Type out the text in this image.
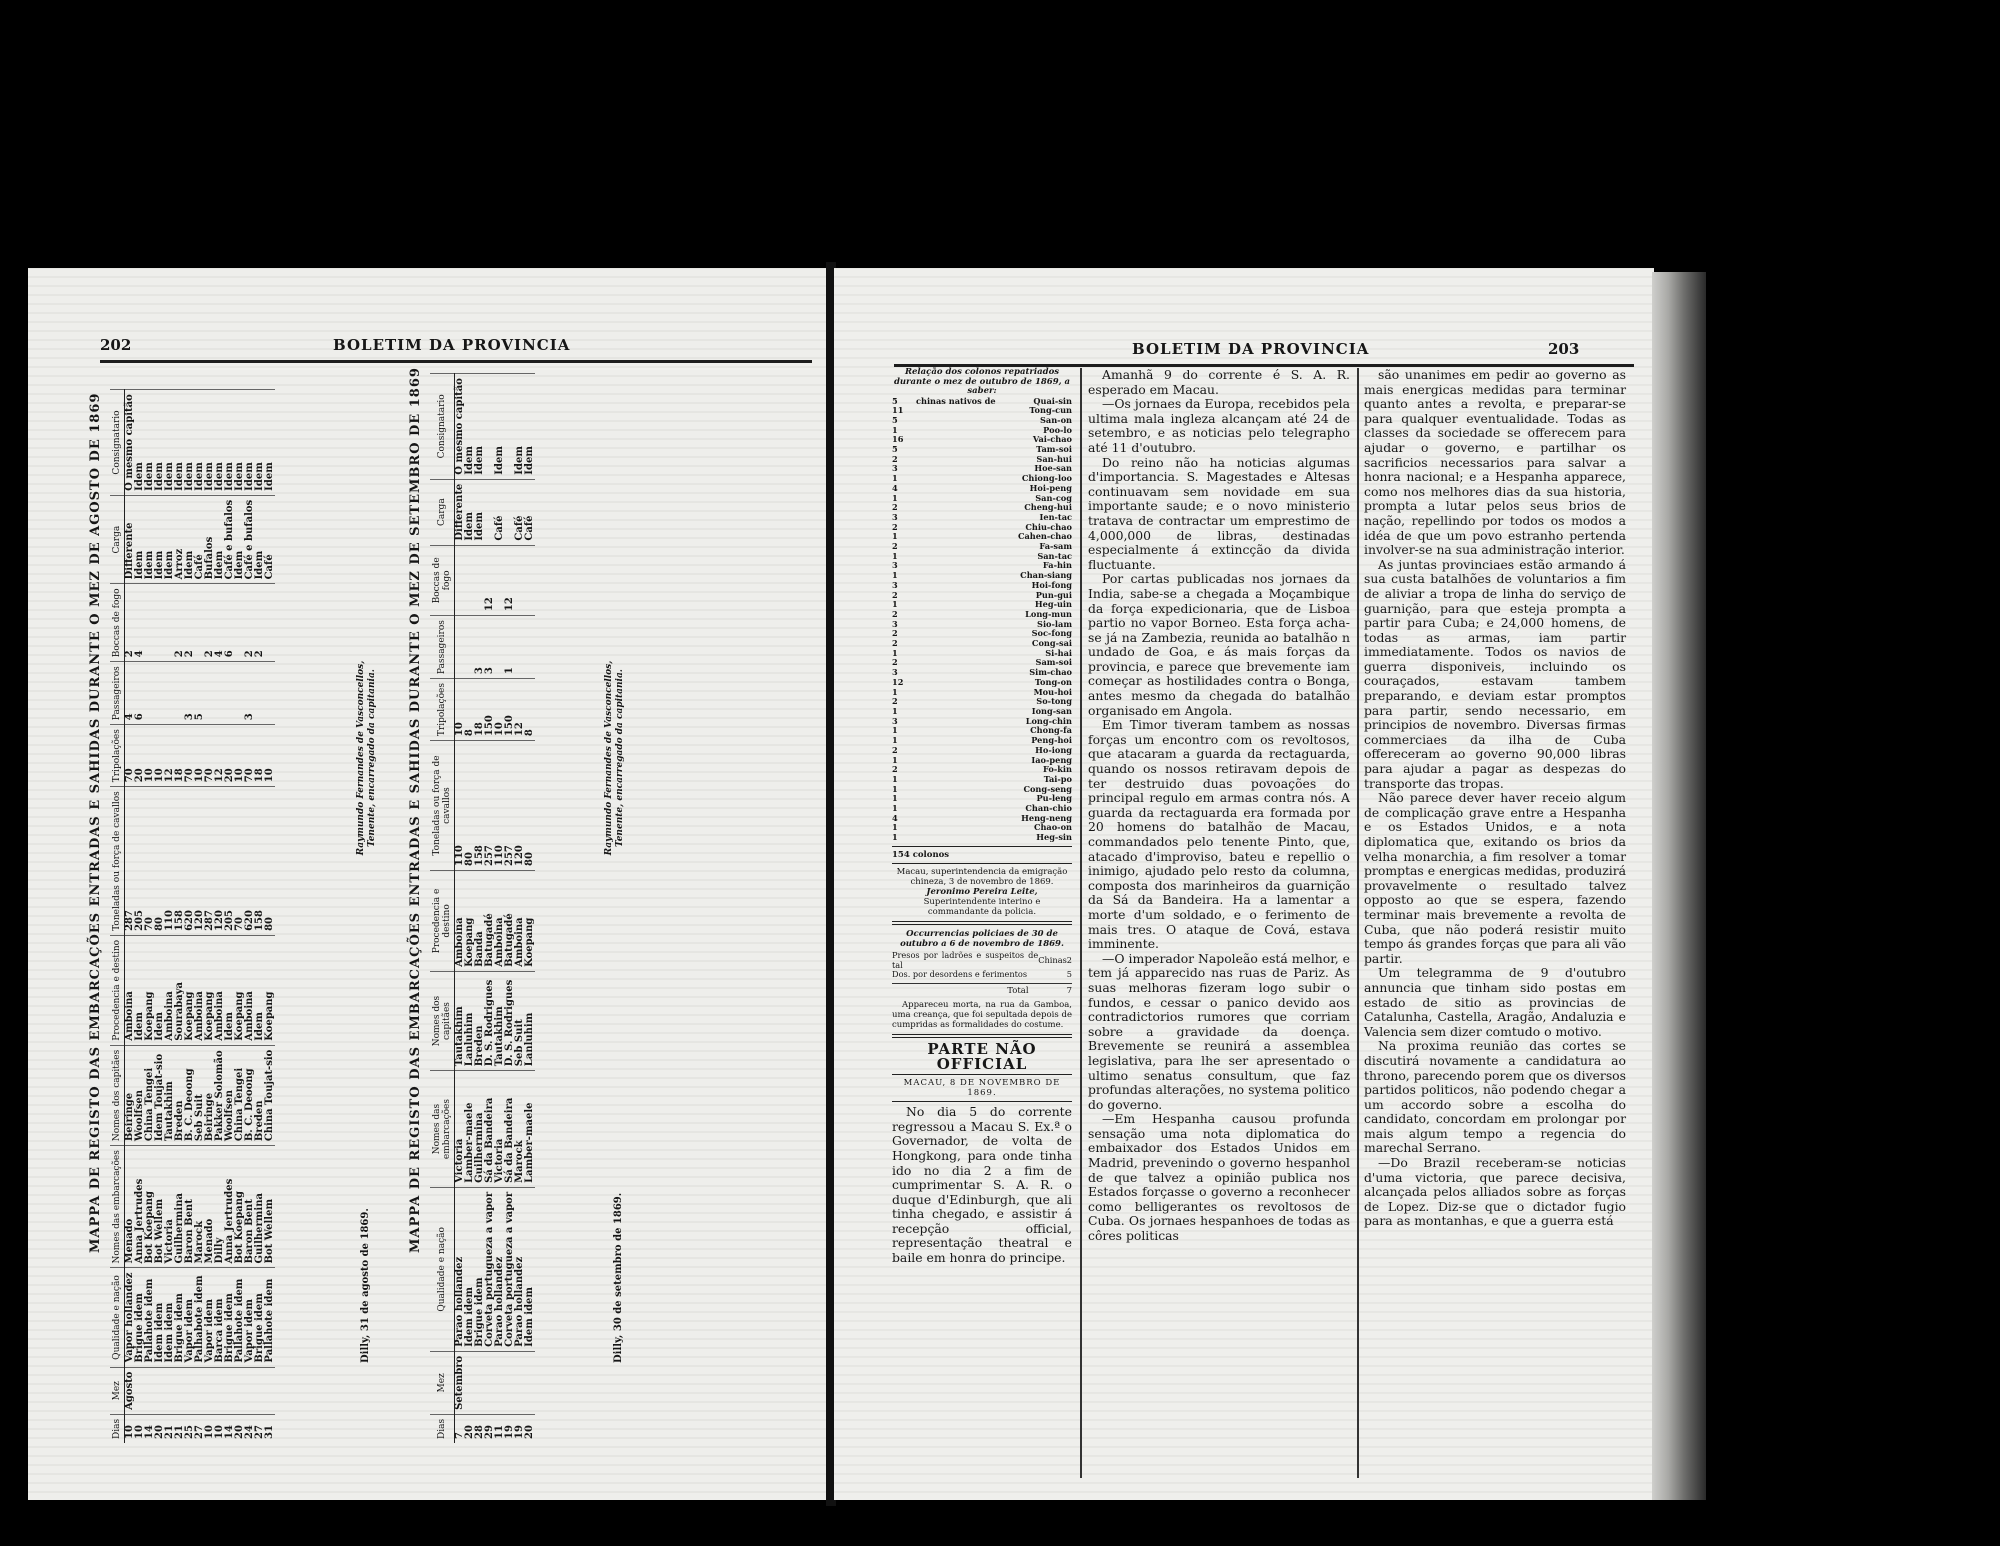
202	BOLETIM DA PROVINCIA
MAPPA DE REGISTO DAS EMBARCAÇÕES ENTRADAS E SAHIDAS DURANTE O MEZ DE AGOSTO DE 1869
Dias	Mez	Qualidade e nação	Nomes das embarcações	Nomes dos capitães	Procedencia e destino	Toneladas ou força de cavallos	Tripolações	Passageiros	Boccas de fogo	Carga	Consignatario
10	Agosto	Vapor hollandez	Menado	Beiringe	Amboina	287	70	4	2	Differente	O mesmo capitão
10		Brigue idem	Anna Jertrudes	Woolfsen	Idem	205	20	6	4	Idem	Idem
14		Pallahote idem	Bot Koepang	China Tengei	Koepang	70	10			Idem	Idem
20		Idem idem	Bot Wellem	Idem Toujat-sio	Idem	80	10			Idem	Idem
21		Idem idem	Victoria	Tautakhim	Amboina	110	12			Idem	Idem
21		Brigue idem	Guilhermina	Breden	Sourabaya	158	18		2	Arroz	Idem
25		Vapor idem	Baron Bent	B. C. Deoong	Koepang	620	70	3	2	Idem	Idem
27		Palhabote idem	Marock	Seb Suit	Amboina	120	10	5		Café	Idem
10		Vapor idem	Menado	Beiringe	Koepang	287	70		2	Bufalos	Idem
10		Barca idem	Dilly	Pakker Solomão	Amboina	120	12		4	Idem	Idem
14		Brigue idem	Anna Jertrudes	Woolfsen	Idem	205	20		6	Café e bufalos	Idem
20		Pallahote idem	Bot Koepang	China Tengei	Koepang	70	10			Idem	Idem
24		Vapor idem	Baron Bent	B. C. Deoong	Amboina	620	70	3	2	Café e bufalos	Idem
27		Brigue idem	Guilhermina	Breden	Idem	158	18		2	Idem	Idem
31		Pallahote idem	Bot Wellem	China Toujat-sio	Koepang	80	10			Café	Idem
Dilly, 31 de agosto de 1869.
Raymundo Fernandes de Vasconcellos, Tenente, encarregado da capitania. MAPPA DE REGISTO DAS EMBARCAÇÕES ENTRADAS E SAHIDAS DURANTE O MEZ DE SETEMBRO DE 1869
Dias	Mez	Qualidade e nação	Nomes das embarcações	Nomes dos capitães	Procedencia e destino	Toneladas ou força de cavallos	Tripolações	Passageiros	Boccas de fogo	Carga	Consignatario
7	Setembro	Parao hollandez	Victoria	Tautakhim	Amboina	110	10			Differente	O mesmo capitão
20		Idem idem	Lamber-maele	Lanluhim	Koepang	80	8			Idem	Idem
28		Brigue idem	Guilhermina	Breden	Banda	158	18	3		Idem	Idem
29		Corveta portugueza a vapor	Sá da Bandeira	D. S. Rodrigues	Batugadé	257	150	3	12		
11		Parao hollandez	Victoria	Tautakhim	Amboina	110	10			Café	Idem
19		Corveta portugueza a vapor	Sá da Bandeira	D. S. Rodrigues	Batugadé	257	150	1	12		
19		Parao hollandez	Marock	Seb Suit	Amboina	120	12			Café	Idem
20		Idem idem	Lamber-maele	Lanluhim	Koepang	80	8			Café	Idem
Dilly, 30 de setembro de 1869.
Raymundo Fernandes de Vasconcellos, Tenente, encarregado da capitania.
BOLETIM DA PROVINCIA	203
Relação dos colonos repatriados durante o mez de outubro de 1869, a saber:
5	chinas nativos de	Quai-sin
11		Tong-cun
5		San-on
1		Poo-lo
16		Vai-chao
5		Tam-soi
2		San-hui
3		Hoe-san
1		Chiong-loo
4		Hoi-peng
1		San-cog
2		Cheng-hui
3		Ien-tac
2		Chiu-chao
1		Cahen-chao
2		Fa-sam
1		San-tac
3		Fa-hin
1		Chan-siang
3		Hoi-fong
2		Pun-gui
1		Heg-uin
2		Long-mun
3		Sio-lam
2		Soc-fong
2		Cong-sai
1		Si-hai
2		Sam-soi
3		Sim-chao
12		Tong-on
1		Mou-hoi
2		So-tong
1		Iong-san
3		Long-chin
1		Chong-fa
1		Peng-hoi
2		Ho-iong
1		Iao-peng
2		Fo-kin
1		Tai-po
1		Cong-seng
1		Pu-leng
1		Chan-chio
4		Heng-neng
1		Chao-on
1		Heg-sin
154 colonos
Macau, superintendencia da emigração chineza, 3 de novembro de 1869.
Jeronimo Pereira Leite,
Superintendente interino e commandante da policia.
Occurrencias policiaes de 30 de outubro a 6 de novembro de 1869.
Presos por ladrões e suspeitos de tal	Chinas	2
Dos. por desordens e ferimentos		5
Total	7
Appareceu morta, na rua da Gamboa, uma creança, que foi sepultada depois de cumpridas as formalidades do costume.
PARTE NÃO OFFICIAL
MACAU, 8 DE NOVEMBRO DE 1869.

No dia 5 do corrente regressou a Macau S. Ex.ª o Governador, de volta de Hongkong, para onde tinha ido no dia 2 a fim de cumprimentar S. A. R. o duque d'Edinburgh, que ali tinha chegado, e assistir á recepção official, representação theatral e baile em honra do principe.

Amanhã 9 do corrente é S. A. R. esperado em Macau.

—Os jornaes da Europa, recebidos pela ultima mala ingleza alcançam até 24 de setembro, e as noticias pelo telegrapho até 11 d'outubro.

Do reino não ha noticias algumas d'importancia. S. Magestades e Altesas continuavam sem novidade em sua importante saude; e o novo ministerio tratava de contractar um emprestimo de 4,000,000 de libras, destinadas especialmente á extincção da divida fluctuante.

Por cartas publicadas nos jornaes da India, sabe-se a chegada a Moçambique da força expedicionaria, que de Lisboa partio no vapor Borneo. Esta força acha-se já na Zambezia, reunida ao batalhão n undado de Goa, e ás mais forças da provincia, e parece que brevemente iam começar as hostilidades contra o Bonga, antes mesmo da chegada do batalhão organisado em Angola.

Em Timor tiveram tambem as nossas forças um encontro com os revoltosos, que atacaram a guarda da rectaguarda, quando os nossos retiravam depois de ter destruido duas povoações do principal regulo em armas contra nós. A guarda da rectaguarda era formada por 20 homens do batalhão de Macau, commandados pelo tenente Pinto, que, atacado d'improviso, bateu e repellio o inimigo, ajudado pelo resto da columna, composta dos marinheiros da guarnição da Sá da Bandeira. Ha a lamentar a morte d'um soldado, e o ferimento de mais tres. O ataque de Cová, estava imminente.

—O imperador Napoleão está melhor, e tem já apparecido nas ruas de Pariz. As suas melhoras fizeram logo subir o fundos, e cessar o panico devido aos contradictorios rumores que corriam sobre a gravidade da doença. Brevemente se reunirá a assemblea legislativa, para lhe ser apresentado o ultimo senatus consultum, que faz profundas alterações, no systema politico do governo.

—Em Hespanha causou profunda sensação uma nota diplomatica do embaixador dos Estados Unidos em Madrid, prevenindo o governo hespanhol de que talvez a opinião publica nos Estados forçasse o governo a reconhecer como belligerantes os revoltosos de Cuba. Os jornaes hespanhoes de todas as côres politicas

são unanimes em pedir ao governo as mais energicas medidas para terminar quanto antes a revolta, e preparar-se para qualquer eventualidade. Todas as classes da sociedade se offerecem para ajudar o governo, e partilhar os sacrificios necessarios para salvar a honra nacional; e a Hespanha apparece, como nos melhores dias da sua historia, prompta a lutar pelos seus brios de nação, repellindo por todos os modos a idéa de que um povo estranho pertenda involver-se na sua administração interior.

As juntas provinciaes estão armando á sua custa batalhões de voluntarios a fim de aliviar a tropa de linha do serviço de guarnição, para que esteja prompta a partir para Cuba; e 24,000 homens, de todas as armas, iam partir immediatamente. Todos os navios de guerra disponiveis, incluindo os couraçados, estavam tambem preparando, e deviam estar promptos para partir, sendo necessario, em principios de novembro. Diversas firmas commerciaes da ilha de Cuba offereceram ao governo 90,000 libras para ajudar a pagar as despezas do transporte das tropas.

Não parece dever haver receio algum de complicação grave entre a Hespanha e os Estados Unidos, e a nota diplomatica que, exitando os brios da velha monarchia, a fim resolver a tomar promptas e energicas medidas, produzirá provavelmente o resultado talvez opposto ao que se espera, fazendo terminar mais brevemente a revolta de Cuba, que não poderá resistir muito tempo ás grandes forças que para ali vão partir.

Um telegramma de 9 d'outubro annuncia que tinham sido postas em estado de sitio as provincias de Catalunha, Castella, Aragão, Andaluzia e Valencia sem dizer comtudo o motivo.

Na proxima reunião das cortes se discutirá novamente a candidatura ao throno, parecendo porem que os diversos partidos politicos, não podendo chegar a um accordo sobre a escolha do candidato, concordam em prolongar por mais algum tempo a regencia do marechal Serrano.

—Do Brazil receberam-se noticias d'uma victoria, que parece decisiva, alcançada pelos alliados sobre as forças de Lopez. Diz-se que o dictador fugio para as montanhas, e que a guerra está
